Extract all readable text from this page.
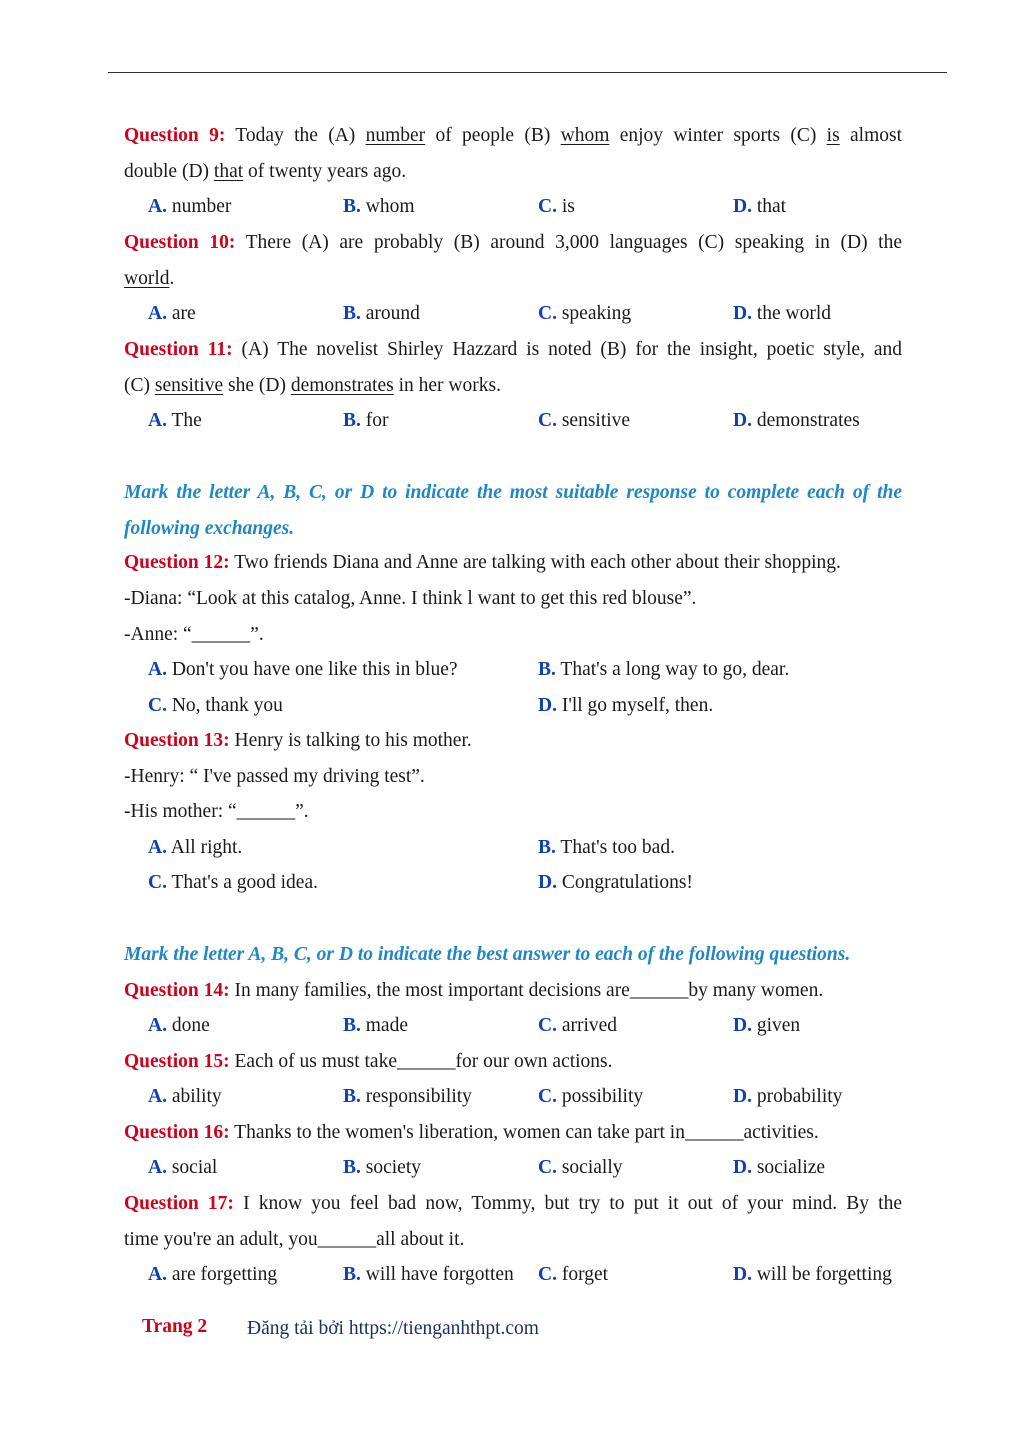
Question 9: Today the (A) number of people (B) whom enjoy winter sports (C) is almost
double (D) that of twenty years ago.
A. number	B. whom	C. is	D. that
Question 10: There (A) are probably (B) around 3,000 languages (C) speaking in (D) the
world.
A. are	B. around	C. speaking	D. the world
Question 11: (A) The novelist Shirley Hazzard is noted (B) for the insight, poetic style, and
(C) sensitive she (D) demonstrates in her works.
A. The	B. for	C. sensitive	D. demonstrates
Mark the letter A, B, C, or D to indicate the most suitable response to complete each of the
following exchanges.
Question 12: Two friends Diana and Anne are talking with each other about their shopping.
-Diana: “Look at this catalog, Anne. I think l want to get this red blouse”.
-Anne: “______”.
A. Don't you have one like this in blue?	B. That's a long way to go, dear.
C. No, thank you	D. I'll go myself, then.
Question 13: Henry is talking to his mother.
-Henry: “ I've passed my driving test”.
-His mother: “______”.
A. All right.	B. That's too bad.
C. That's a good idea.	D. Congratulations!
Mark the letter A, B, C, or D to indicate the best answer to each of the following questions.
Question 14: In many families, the most important decisions are______by many women.
A. done	B. made	C. arrived	D. given
Question 15: Each of us must take______for our own actions.
A. ability	B. responsibility	C. possibility	D. probability
Question 16: Thanks to the women's liberation, women can take part in______activities.
A. social	B. society	C. socially	D. socialize
Question 17: I know you feel bad now, Tommy, but try to put it out of your mind. By the
time you're an adult, you______all about it.
A. are forgetting	B. will have forgotten C. forget	D. will be forgetting
Trang 2 Đăng tải bởi https://tienganhthpt.com
